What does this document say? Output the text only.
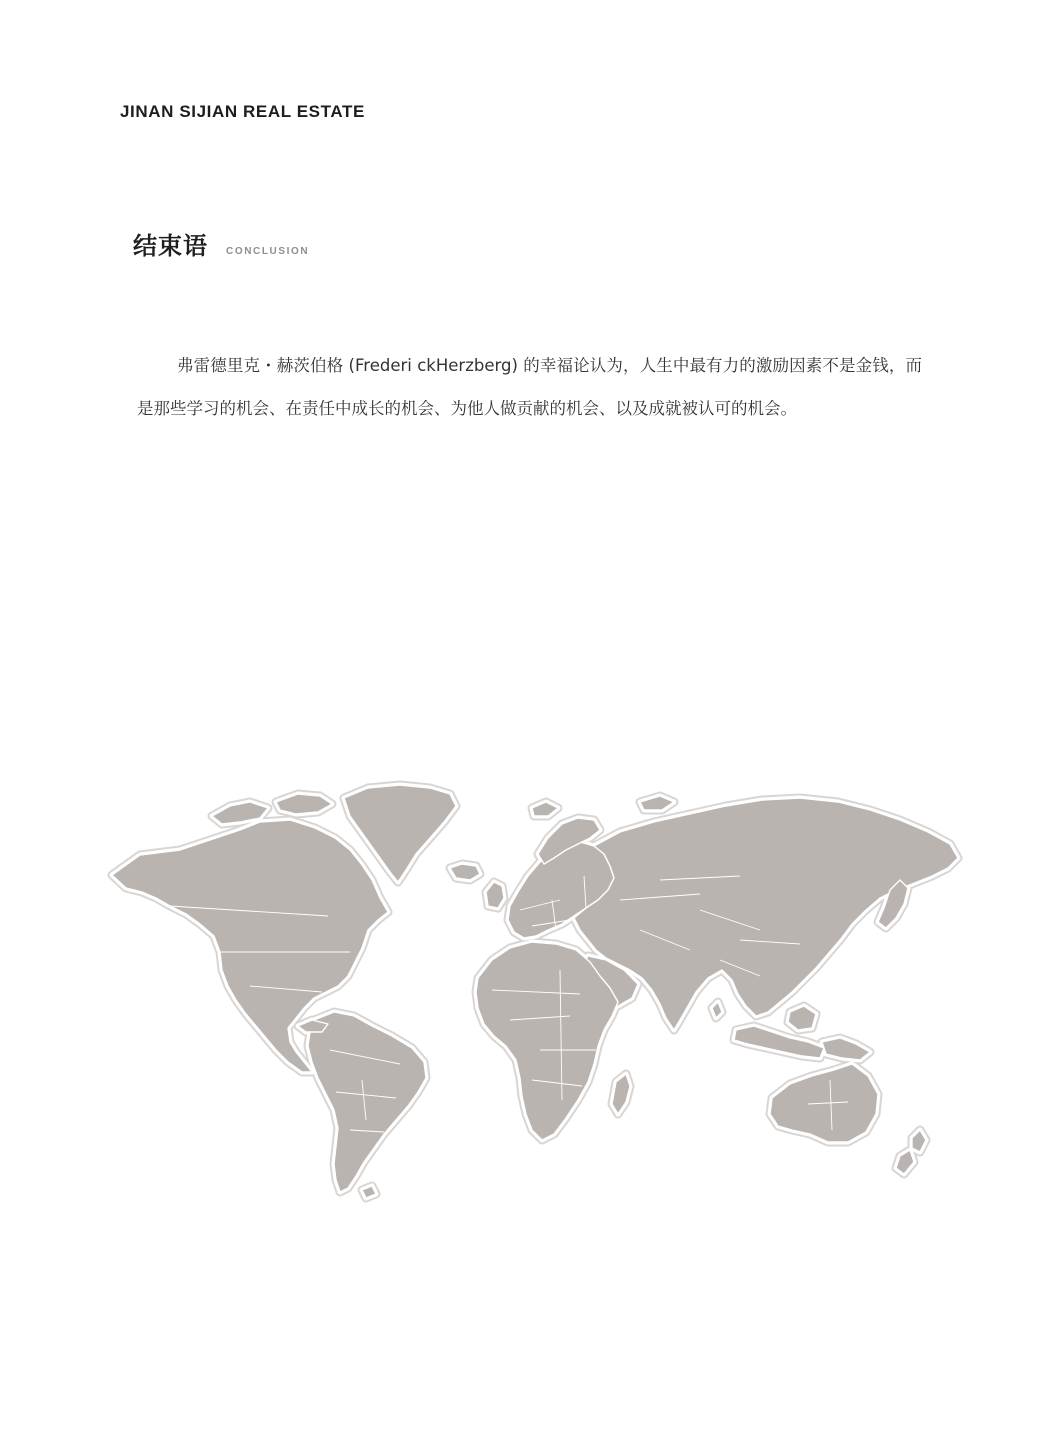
JINAN SIJIAN REAL ESTATE
结束语 CONCLUSION

弗雷德里克・赫茨伯格 (Frederi ckHerzberg) 的幸福论认为，人生中最有力的激励因素不是金钱，而是那些学习的机会、在责任中成长的机会、为他人做贡献的机会、以及成就被认可的机会。
